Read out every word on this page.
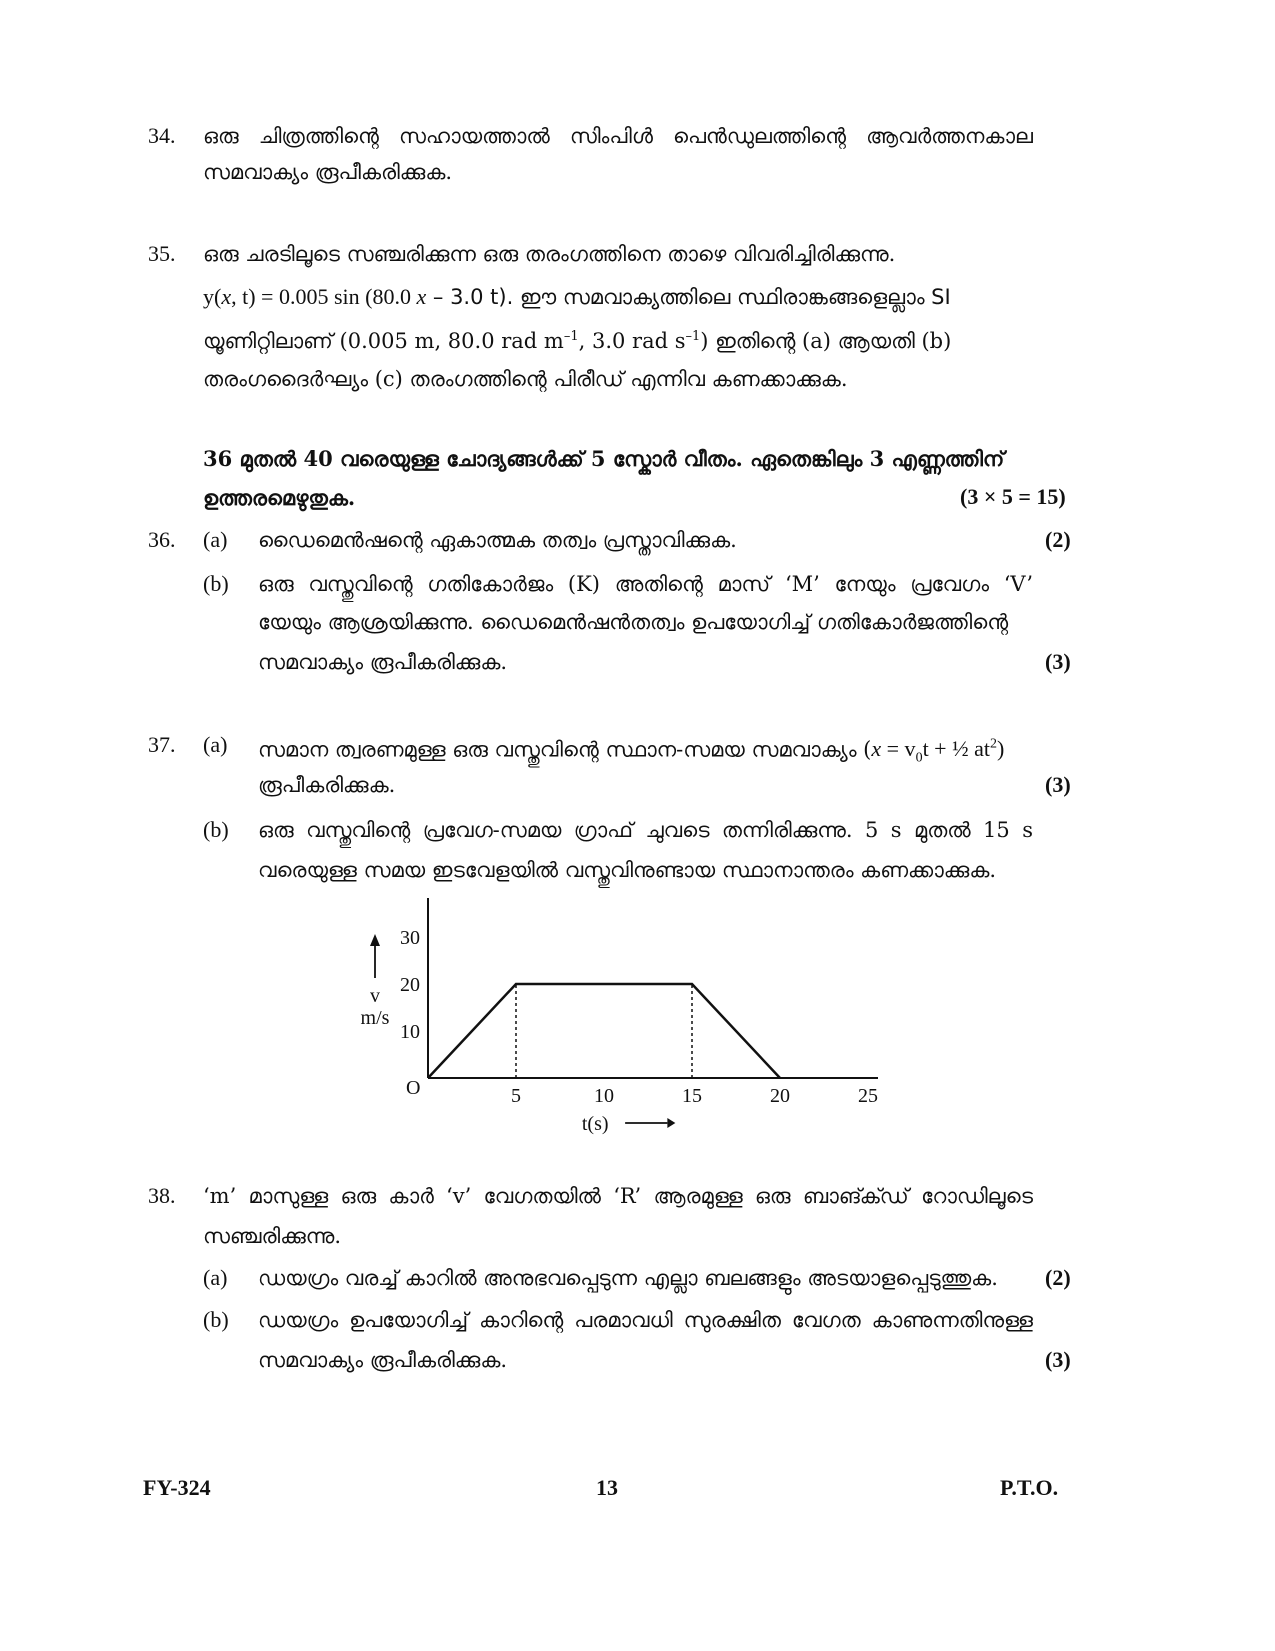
34. ഒരു ചിത്രത്തിന്റെ സഹായത്താൽ സിംപിൾ പെൻഡുലത്തിന്റെ ആവർത്തനകാല
സമവാക്യം രൂപീകരിക്കുക.
35. ഒരു ചരടിലൂടെ സഞ്ചരിക്കുന്ന ഒരു തരംഗത്തിനെ താഴെ വിവരിച്ചിരിക്കുന്നു.
y(x, t) = 0.005 sin (80.0 x – 3.0 t). ഈ സമവാക്യത്തിലെ സ്ഥിരാങ്കങ്ങളെല്ലാം SI
യൂണിറ്റിലാണ് (0.005 m, 80.0 rad $m^{-1}$, 3.0 rad $s^{-1}$) ഇതിന്റെ (a) ആയതി (b)
തരംഗദൈർഘ്യം (c) തരംഗത്തിന്റെ പിരീഡ് എന്നിവ കണക്കാക്കുക.
36 മുതൽ 40 വരെയുള്ള ചോദ്യങ്ങൾക്ക് 5 സ്കോർ വീതം. ഏതെങ്കിലും 3 എണ്ണത്തിന്
ഉത്തരമെഴുതുക.	(3 × 5 = 15)
36. (a) ഡൈമെൻഷന്റെ ഏകാത്മക തത്വം പ്രസ്താവിക്കുക.	(2)
(b) ഒരു വസ്തുവിന്റെ ഗതികോർജം (K) അതിന്റെ മാസ് ‘M’ നേയും പ്രവേഗം ‘V’
യേയും ആശ്രയിക്കുന്നു. ഡൈമെൻഷൻതത്വം ഉപയോഗിച്ച് ഗതികോർജത്തിന്റെ
സമവാക്യം രൂപീകരിക്കുക.	(3)
37. (a) സമാന ത്വരണമുള്ള ഒരു വസ്തുവിന്റെ സ്ഥാന-സമയ സമവാക്യം ($x = v_0t$ + ½ $at^2$)
രൂപീകരിക്കുക.	(3)
(b) ഒരു വസ്തുവിന്റെ പ്രവേഗ-സമയ ഗ്രാഫ് ചുവടെ തന്നിരിക്കുന്നു. 5 s മുതൽ 15 s
വരെയുള്ള സമയ ഇടവേളയിൽ വസ്തുവിനുണ്ടായ സ്ഥാനാന്തരം കണക്കാക്കുക.
5	10	15	20	25
10
20
30
O
v
m/s
t(s)
38. ‘m’ മാസുള്ള ഒരു കാർ ‘v’ വേഗതയിൽ ‘R’ ആരമുള്ള ഒരു ബാങ്ക്ഡ് റോഡിലൂടെ
സഞ്ചരിക്കുന്നു.
(a) ഡയഗ്രം വരച്ച് കാറിൽ അനുഭവപ്പെടുന്ന എല്ലാ ബലങ്ങളും അടയാളപ്പെടുത്തുക. (2)
(b) ഡയഗ്രം ഉപയോഗിച്ച് കാറിന്റെ പരമാവധി സുരക്ഷിത വേഗത കാണുന്നതിനുള്ള
സമവാക്യം രൂപീകരിക്കുക.	(3)
FY-324	13	P.T.O.
